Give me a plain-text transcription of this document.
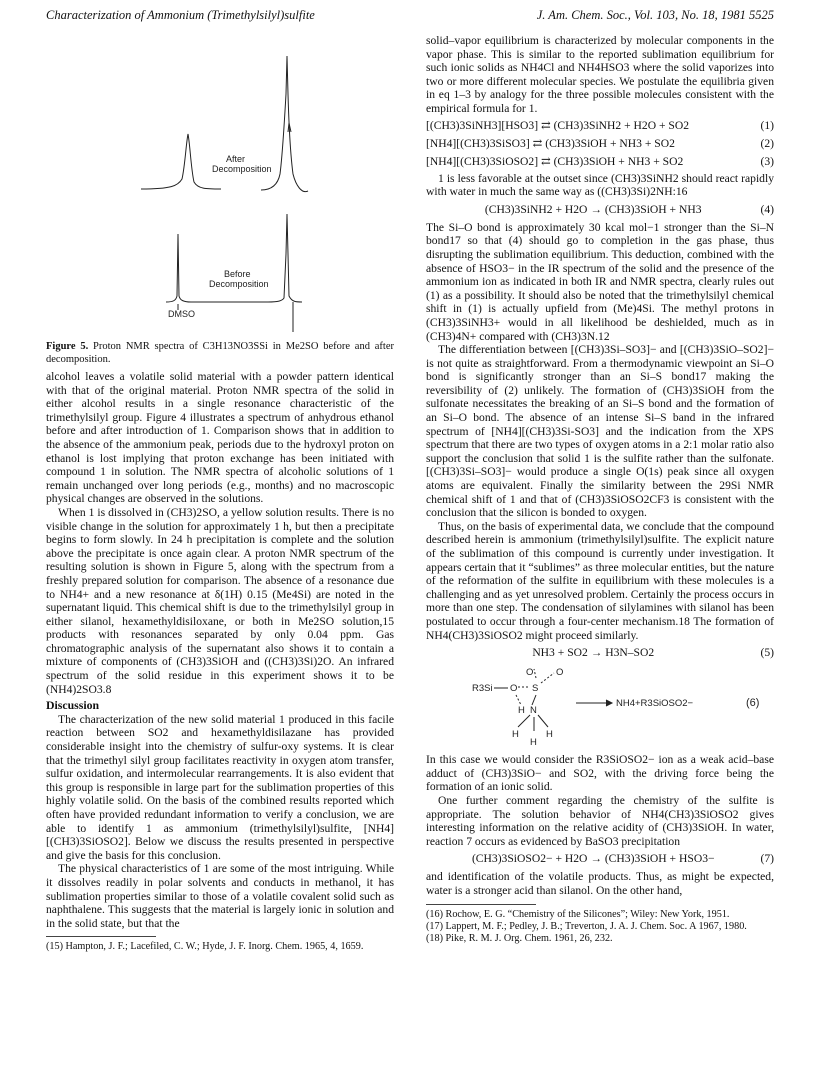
Characterization of Ammonium (Trimethylsilyl)sulfite	J. Am. Chem. Soc., Vol. 103, No. 18, 1981 5525
After
Decomposition
Before
Decomposition
DMSO

Figure 5. Proton NMR spectra of C3H13NO3SSi in Me2SO before and after decomposition.

alcohol leaves a volatile solid material with a powder pattern identical with that of the original material. Proton NMR spectra of the solid in either alcohol results in a single resonance characteristic of the trimethylsilyl group. Figure 4 illustrates a spectrum of anhydrous ethanol before and after introduction of 1. Comparison shows that in addition to the absence of the ammonium peak, periods due to the hydroxyl proton on ethanol is lost implying that proton exchange has been initiated with compound 1 in solution. The NMR spectra of alcoholic solutions of 1 remain unchanged over long periods (e.g., months) and no macroscopic physical changes are observed in the solutions.

When 1 is dissolved in (CH3)2SO, a yellow solution results. There is no visible change in the solution for approximately 1 h, but then a precipitate begins to form slowly. In 24 h precipitation is complete and the solution above the precipitate is once again clear. A proton NMR spectrum of the resulting solution is shown in Figure 5, along with the spectrum from a freshly prepared solution for comparison. The absence of a resonance due to NH4+ and a new resonance at δ(1H) 0.15 (Me4Si) are noted in the supernatant liquid. This chemical shift is due to the trimethylsilyl group in either silanol, hexamethyldisiloxane, or both in Me2SO solution,15 products with resonances separated by only 0.04 ppm. Gas chromatographic analysis of the supernatant also shows it to contain a mixture of components of (CH3)3SiOH and ((CH3)3Si)2O. An infrared spectrum of the solid residue in this experiment shows it to be (NH4)2SO3.8

Discussion

The characterization of the new solid material 1 produced in this facile reaction between SO2 and hexamethyldisilazane has provided considerable insight into the chemistry of sulfur-oxy systems. It is clear that the trimethyl silyl group facilitates reactivity in oxygen atom transfer, sulfur oxidation, and intermolecular rearrangements. It is also evident that this group is responsible in large part for the sublimation properties of this highly volatile solid. On the basis of the combined results reported which often have provided redundant information to verify a conclusion, we are able to identify 1 as ammonium (trimethylsilyl)sulfite, [NH4][(CH3)3SiOSO2]. Below we discuss the results presented in perspective and give the basis for this conclusion.

The physical characteristics of 1 are some of the most intriguing. While it dissolves readily in polar solvents and conducts in methanol, it has sublimation properties similar to those of a volatile covalent solid such as naphthalene. This suggests that the material is largely ionic in solution and in the solid state, but that the

(15) Hampton, J. F.; Lacefiled, C. W.; Hyde, J. F. Inorg. Chem. 1965, 4, 1659.

solid–vapor equilibrium is characterized by molecular components in the vapor phase. This is similar to the reported sublimation equilibrium for such ionic solids as NH4Cl and NH4HSO3 where the solid vaporizes into two or more different molecular species. We postulate the equilibria given in eq 1–3 by analogy for the three possible molecules consistent with the empirical formula for 1.

[(CH3)3SiNH3][HSO3] ⇄ (CH3)3SiNH2 + H2O + SO2	(1)
[NH4][(CH3)3SiSO3] ⇄ (CH3)3SiOH + NH3 + SO2	(2)
[NH4][(CH3)3SiOSO2] ⇄ (CH3)3SiOH + NH3 + SO2	(3)

1 is less favorable at the outset since (CH3)3SiNH2 should react rapidly with water in much the same way as ((CH3)3Si)2NH:16

(CH3)3SiNH2 + H2O → (CH3)3SiOH + NH3	(4)

The Si–O bond is approximately 30 kcal mol−1 stronger than the Si–N bond17 so that (4) should go to completion in the gas phase, thus disrupting the sublimation equilibrium. This deduction, combined with the absence of HSO3− in the IR spectrum of the solid and the presence of the ammonium ion as indicated in both IR and NMR spectra, clearly rules out (1) as a possibility. It should also be noted that the trimethylsilyl chemical shift in (1) is actually upfield from (Me)4Si. The methyl protons in (CH3)3SiNH3+ would in all likelihood be deshielded, much as in (CH3)4N+ compared with (CH3)3N.12

The differentiation between [(CH3)3Si–SO3]− and [(CH3)3SiO–SO2]− is not quite as straightforward. From a thermodynamic viewpoint an Si–O bond is significantly stronger than an Si–S bond17 making the reversibility of (2) unlikely. The formation of (CH3)3SiOH from the sulfonate necessitates the breaking of an Si–S bond and the formation of an Si–O bond. The absence of an intense Si–S band in the infrared spectrum of [NH4][(CH3)3Si-SO3] and the indication from the XPS spectrum that there are two types of oxygen atoms in a 2:1 molar ratio also support the conclusion that solid 1 is the sulfite rather than the sulfonate. [(CH3)3Si–SO3]− would produce a single O(1s) peak since all oxygen atoms are equivalent. Finally the similarity between the 29Si NMR chemical shift of 1 and that of (CH3)3SiOSO2CF3 is consistent with the conclusion that the silicon is bonded to oxygen.

Thus, on the basis of experimental data, we conclude that the compound described herein is ammonium (trimethylsilyl)sulfite. The explicit nature of the sublimation of this compound is currently under investigation. It appears certain that it “sublimes” as three molecular entities, but the nature of the reformation of the sulfite in equilibrium with these molecules is a challenging and as yet unresolved problem. Certainly the process occurs in more than one step. The condensation of silylamines with silanol has been postulated to occur through a four-center mechanism.18 The formation of NH4(CH3)3SiOSO2 might proceed similarly.

NH3 + SO2 → H3N–SO2	(5)
R3Si O S
O O
H N
H	H
H
NH4+R3SiOSO2−	(6)

In this case we would consider the R3SiOSO2− ion as a weak acid–base adduct of (CH3)3SiO− and SO2, with the driving force being the formation of an ionic solid.

One further comment regarding the chemistry of the sulfite is appropriate. The solution behavior of NH4(CH3)3SiOSO2 gives interesting information on the relative acidity of (CH3)3SiOH. In water, reaction 7 occurs as evidenced by BaSO3 precipitation

(CH3)3SiOSO2− + H2O → (CH3)3SiOH + HSO3−	(7)

and identification of the volatile products. Thus, as might be expected, water is a stronger acid than silanol. On the other hand,

(16) Rochow, E. G. “Chemistry of the Silicones”; Wiley: New York, 1951.

(17) Lappert, M. F.; Pedley, J. B.; Treverton, J. A. J. Chem. Soc. A 1967, 1980.

(18) Pike, R. M. J. Org. Chem. 1961, 26, 232.
